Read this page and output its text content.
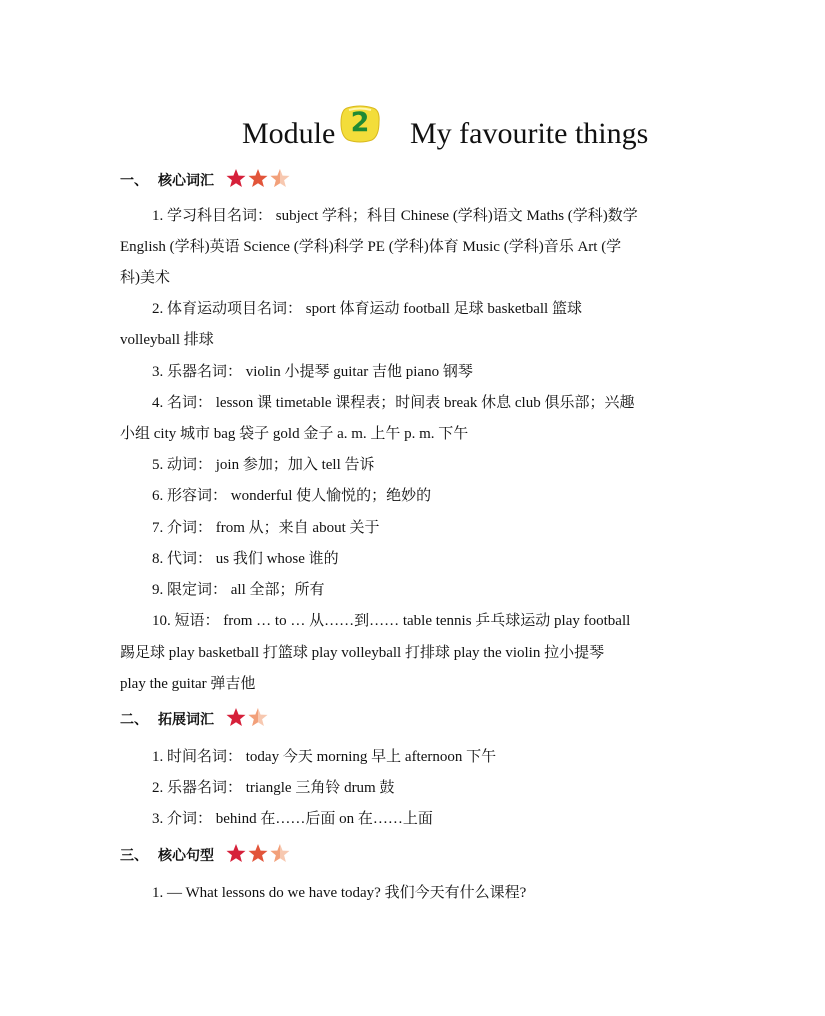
Module 2	My favourite things
一、 核心词汇
1. 学习科目名词： subject 学科；科目 Chinese (学科)语文 Maths (学科)数学
English (学科)英语 Science (学科)科学 PE (学科)体育 Music (学科)音乐 Art (学
科)美术
2. 体育运动项目名词： sport 体育运动 football 足球 basketball 篮球
volleyball 排球
3. 乐器名词： violin 小提琴 guitar 吉他 piano 钢琴
4. 名词： lesson 课 timetable 课程表；时间表 break 休息 club 俱乐部；兴趣
小组 city 城市 bag 袋子 gold 金子 a. m. 上午 p. m. 下午
5. 动词： join 参加；加入 tell 告诉
6. 形容词： wonderful 使人愉悦的；绝妙的
7. 介词： from 从；来自 about 关于
8. 代词： us 我们 whose 谁的
9. 限定词： all 全部；所有
10. 短语： from … to … 从……到…… table tennis 乒乓球运动 play football
踢足球 play basketball 打篮球 play volleyball 打排球 play the violin 拉小提琴
play the guitar 弹吉他
二、 拓展词汇
1. 时间名词： today 今天 morning 早上 afternoon 下午
2. 乐器名词： triangle 三角铃 drum 鼓
3. 介词： behind 在……后面 on 在……上面
三、 核心句型
1. — What lessons do we have today? 我们今天有什么课程?
